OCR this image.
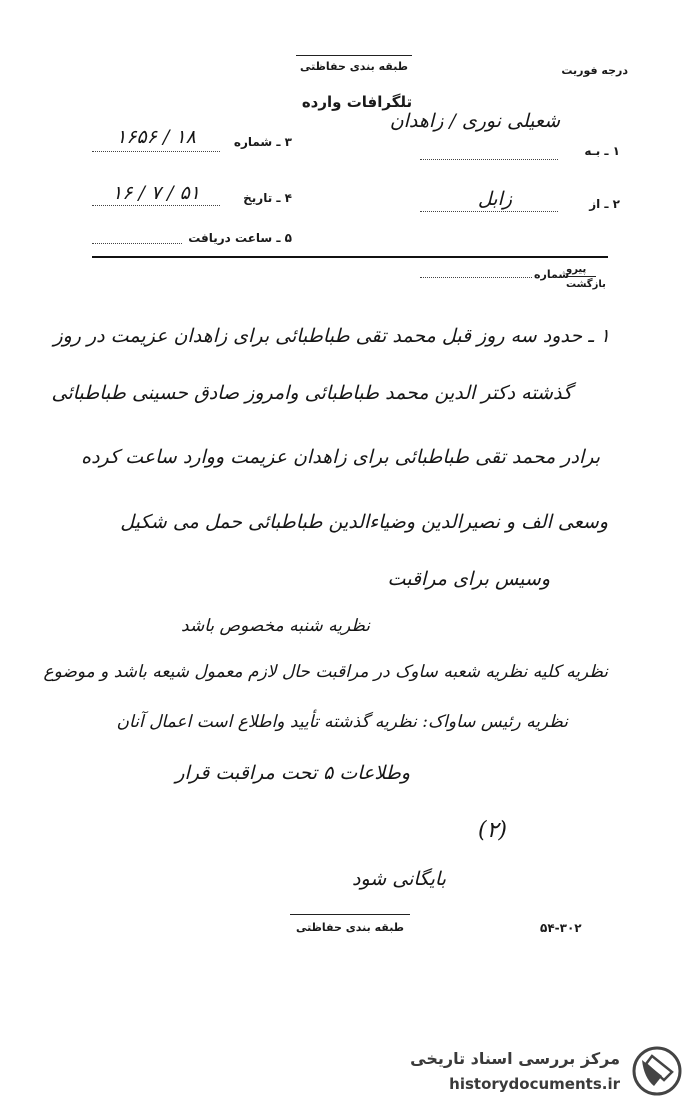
طبقه بندی حفاظتی	درجه فوریت
تلگرافات وارده
۱ ـ بـه
شعیلی نوری / زاهدان
۲ ـ از
زابل
۳ ـ شماره
۱۶۵۶ / ۱۸
۴ ـ تاریخ
۱۶ / ۷ / ۵۱
۵ ـ ساعت دریافت
پیرو
بازگشت
شماره
۱ ـ حدود سه روز قبل محمد تقی طباطبائی برای زاهدان عزیمت در روز
گذشته دکتر الدین محمد طباطبائی وامروز صادق حسینی طباطبائی
برادر محمد تقی طباطبائی برای زاهدان عزیمت ووارد ساعت کرده
وسعی الف و نصیرالدین وضیاءالدین طباطبائی حمل می شکیل
وسیس برای مراقبت
نظریه شنبه مخصوص باشد
نظریه کلیه نظریه شعبه ساوک در مراقبت حال لازم معمول شیعه باشد و موضوع
نظریه رئیس ساواک: نظریه گذشته تأیید واطلاع است اعمال آنان
وطلاعات ۵ تحت مراقبت قرار
(۲)
بایگانی شود
طبقه بندی حفاظتی	۵۴-۳۰۲
مرکز بررسی اسناد تاریخی
historydocuments.ir
